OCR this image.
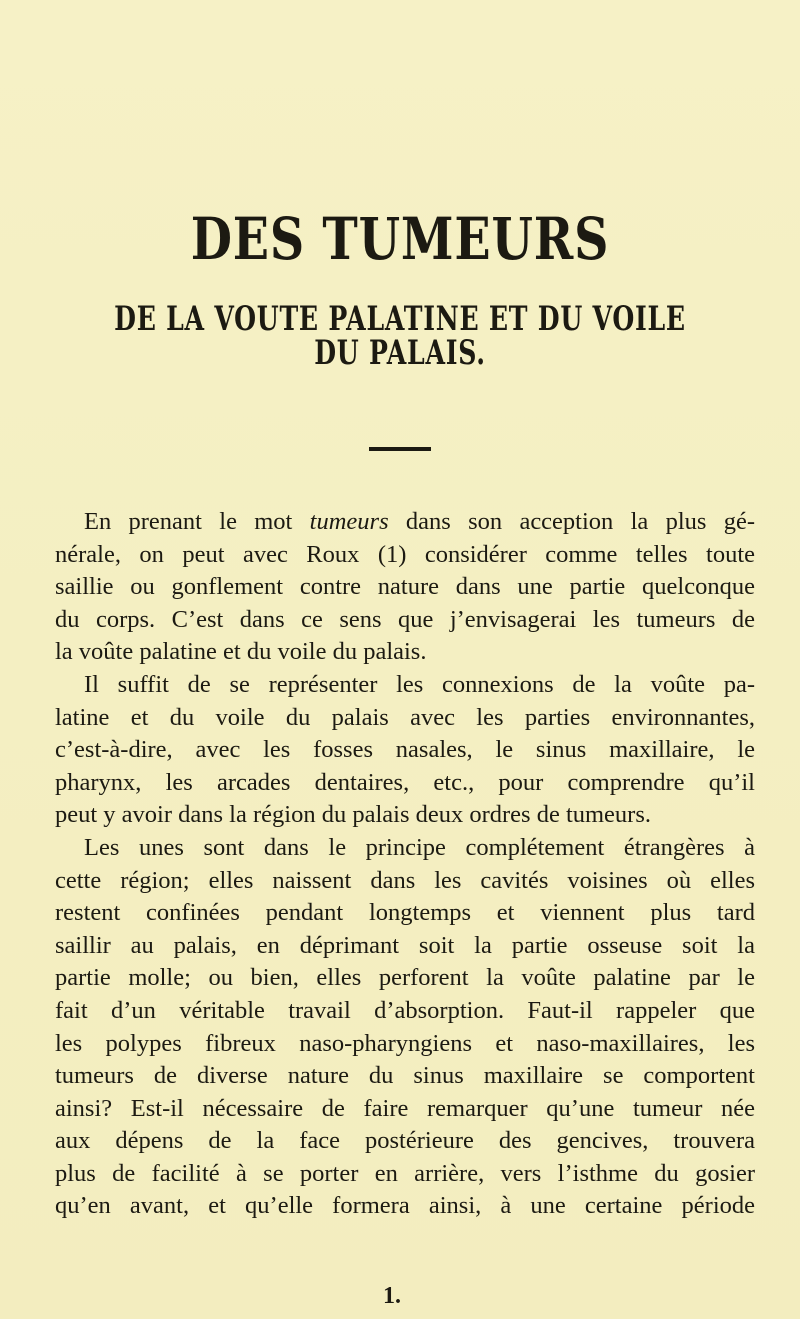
DES TUMEURS
DE LA VOUTE PALATINE ET DU VOILE DU PALAIS.

En prenant le mot tumeurs dans son acception la plus gé-
nérale, on peut avec Roux (1) considérer comme telles toute
saillie ou gonflement contre nature dans une partie quelconque
du corps. C’est dans ce sens que j’envisagerai les tumeurs de
la voûte palatine et du voile du palais.

Il suffit de se représenter les connexions de la voûte pa-
latine et du voile du palais avec les parties environnantes,
c’est-à-dire, avec les fosses nasales, le sinus maxillaire, le
pharynx, les arcades dentaires, etc., pour comprendre qu’il
peut y avoir dans la région du palais deux ordres de tumeurs.

Les unes sont dans le principe complétement étrangères à
cette région; elles naissent dans les cavités voisines où elles
restent confinées pendant longtemps et viennent plus tard
saillir au palais, en déprimant soit la partie osseuse soit la
partie molle; ou bien, elles perforent la voûte palatine par le
fait d’un véritable travail d’absorption. Faut-il rappeler que
les polypes fibreux naso-pharyngiens et naso-maxillaires, les
tumeurs de diverse nature du sinus maxillaire se comportent
ainsi? Est-il nécessaire de faire remarquer qu’une tumeur née
aux dépens de la face postérieure des gencives, trouvera
plus de facilité à se porter en arrière, vers l’isthme du gosier
qu’en avant, et qu’elle formera ainsi, à une certaine période

1.
